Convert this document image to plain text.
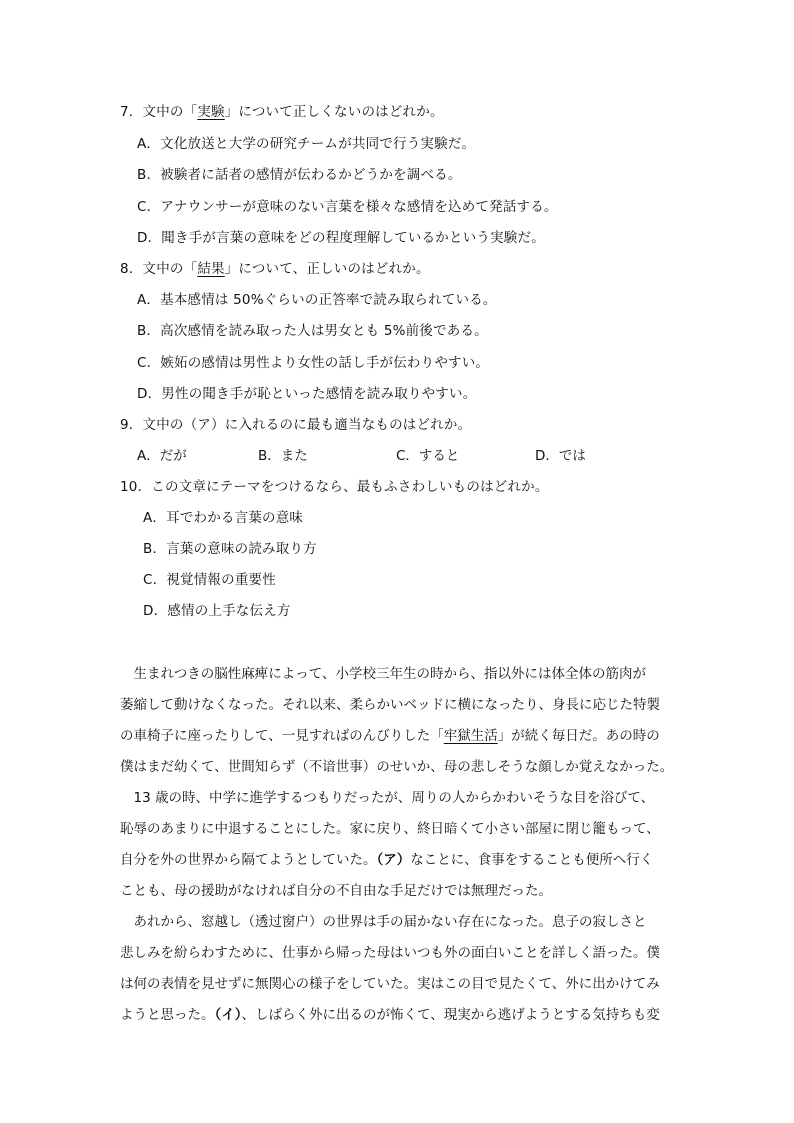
7．文中の「実験」について正しくないのはどれか。
A．文化放送と大学の研究チームが共同で行う実験だ。
B．被験者に話者の感情が伝わるかどうかを調べる。
C．アナウンサーが意味のない言葉を様々な感情を込めて発話する。
D．聞き手が言葉の意味をどの程度理解しているかという実験だ。
8．文中の「結果」について、正しいのはどれか。
A．基本感情は 50%ぐらいの正答率で読み取られている。
B．高次感情を読み取った人は男女とも 5%前後である。
C．嫉妬の感情は男性より女性の話し手が伝わりやすい。
D．男性の聞き手が恥といった感情を読み取りやすい。
9．文中の（ア）に入れるのに最も適当なものはどれか。
A．だが	B．また	C．すると	D．では
10．この文章にテーマをつけるなら、最もふさわしいものはどれか。
A．耳でわかる言葉の意味
B．言葉の意味の読み取り方
C．視覚情報の重要性
D．感情の上手な伝え方
　生まれつきの脳性麻痺によって、小学校三年生の時から、指以外には体全体の筋肉が
萎縮して動けなくなった。それ以来、柔らかいベッドに横になったり、身長に応じた特製
の車椅子に座ったりして、一見すればのんびりした「牢獄生活」が続く毎日だ。あの時の
僕はまだ幼くて、世間知らず（不谙世事）のせいか、母の悲しそうな顔しか覚えなかった。
　13 歳の時、中学に進学するつもりだったが、周りの人からかわいそうな目を浴びて、
恥辱のあまりに中退することにした。家に戻り、終日暗くて小さい部屋に閉じ籠もって、
自分を外の世界から隔てようとしていた。（ア）なことに、食事をすることも便所へ行く
ことも、母の援助がなければ自分の不自由な手足だけでは無理だった。
　あれから、窓越し（透过窗户）の世界は手の届かない存在になった。息子の寂しさと
悲しみを紛らわすために、仕事から帰った母はいつも外の面白いことを詳しく語った。僕
は何の表情を見せずに無関心の様子をしていた。実はこの目で見たくて、外に出かけてみ
ようと思った。（イ）、しばらく外に出るのが怖くて、現実から逃げようとする気持ちも変
